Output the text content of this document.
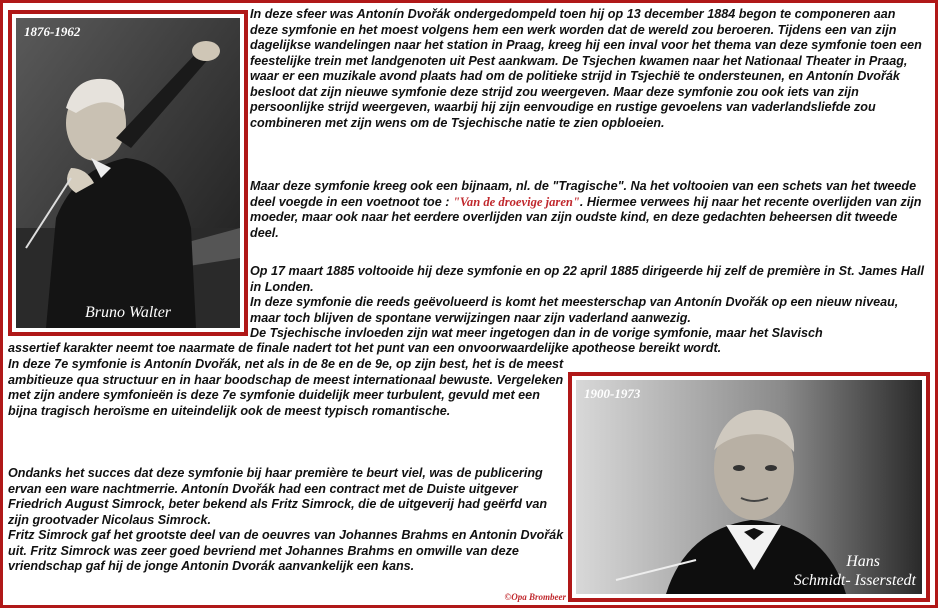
1876-1962
Bruno Walter
1900-1973
Hans
Schmidt- Isserstedt

In deze sfeer was Antonín Dvořák ondergedompeld toen hij op 13 december 1884 begon te componeren aan deze symfonie en het moest volgens hem een werk worden dat de wereld zou beroeren. Tijdens een van zijn dagelijkse wandelingen naar het station in Praag, kreeg hij een inval voor het thema van deze symfonie toen een feestelijke trein met landgenoten uit Pest aankwam. De Tsjechen kwamen naar het Nationaal Theater in Praag, waar er een muzikale avond plaats had om de politieke strijd in Tsjechië te ondersteunen, en Antonín Dvořák besloot dat zijn nieuwe symfonie deze strijd zou weergeven. Maar deze symfonie zou ook iets van zijn persoonlijke strijd weergeven, waarbij hij zijn eenvoudige en rustige gevoelens van vaderlandsliefde zou combineren met zijn wens om de Tsjechische natie te zien opbloeien.

Maar deze symfonie kreeg ook een bijnaam, nl. de "Tragische". Na het voltooien van een schets van het tweede deel voegde in een voetnoot toe : "Van de droevige jaren". Hiermee verwees hij naar het recente overlijden van zijn moeder, maar ook naar het eerdere overlijden van zijn oudste kind, en deze gedachten beheersen dit tweede deel.

Op 17 maart 1885 voltooide hij deze symfonie en op 22 april 1885 dirigeerde hij zelf de première in St. James Hall in Londen.

In deze symfonie die reeds geëvolueerd is komt het meesterschap van Antonín Dvořák op een nieuw niveau, maar toch blijven de spontane verwijzingen naar zijn vaderland aanwezig.

De Tsjechische invloeden zijn wat meer ingetogen dan in de vorige symfonie, maar het Slavisch

assertief karakter neemt toe naarmate de finale nadert tot het punt van een onvoorwaardelijke apotheose bereikt wordt.

In deze 7e symfonie is Antonín Dvořák, net als in de 8e en de 9e, op zijn best, het is de meest ambitieuze qua structuur en in haar boodschap de meest internationaal bewuste. Vergeleken met zijn andere symfonieën is deze 7e symfonie duidelijk meer turbulent, gevuld met een bijna tragisch heroïsme en uiteindelijk ook de meest typisch romantische.

Ondanks het succes dat deze symfonie bij haar première te beurt viel, was de publicering ervan een ware nachtmerrie. Antonín Dvořák had een contract met de Duiste uitgever Friedrich August Simrock, beter bekend als Fritz Simrock, die de uitgeverij had geërfd van zijn grootvader Nicolaus Simrock.

Fritz Simrock gaf het grootste deel van de oeuvres van Johannes Brahms en Antonin Dvořák uit. Fritz Simrock was zeer goed bevriend met Johannes Brahms en omwille van deze vriendschap gaf hij de jonge Antonin Dvorák aanvankelijk een kans.

©Opa Brombeer
